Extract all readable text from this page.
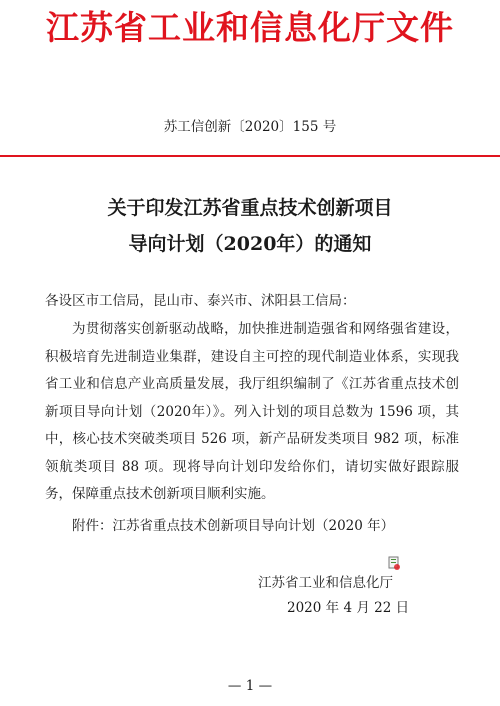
江苏省工业和信息化厅文件
苏工信创新〔2020〕155 号
关于印发江苏省重点技术创新项目
导向计划（2020年）的通知
各设区市工信局，昆山市、泰兴市、沭阳县工信局：
为贯彻落实创新驱动战略，加快推进制造强省和网络强省建设，积极培育先进制造业集群，建设自主可控的现代制造业体系，实现我省工业和信息产业高质量发展，我厅组织编制了《江苏省重点技术创新项目导向计划（2020年）》。列入计划的项目总数为 1596 项，其中，核心技术突破类项目 526 项，新产品研发类项目 982 项，标准领航类项目 88 项。现将导向计划印发给你们，请切实做好跟踪服务，保障重点技术创新项目顺利实施。
附件：江苏省重点技术创新项目导向计划（2020 年）
江苏省工业和信息化厅
2020 年 4 月 22 日
— 1 —
